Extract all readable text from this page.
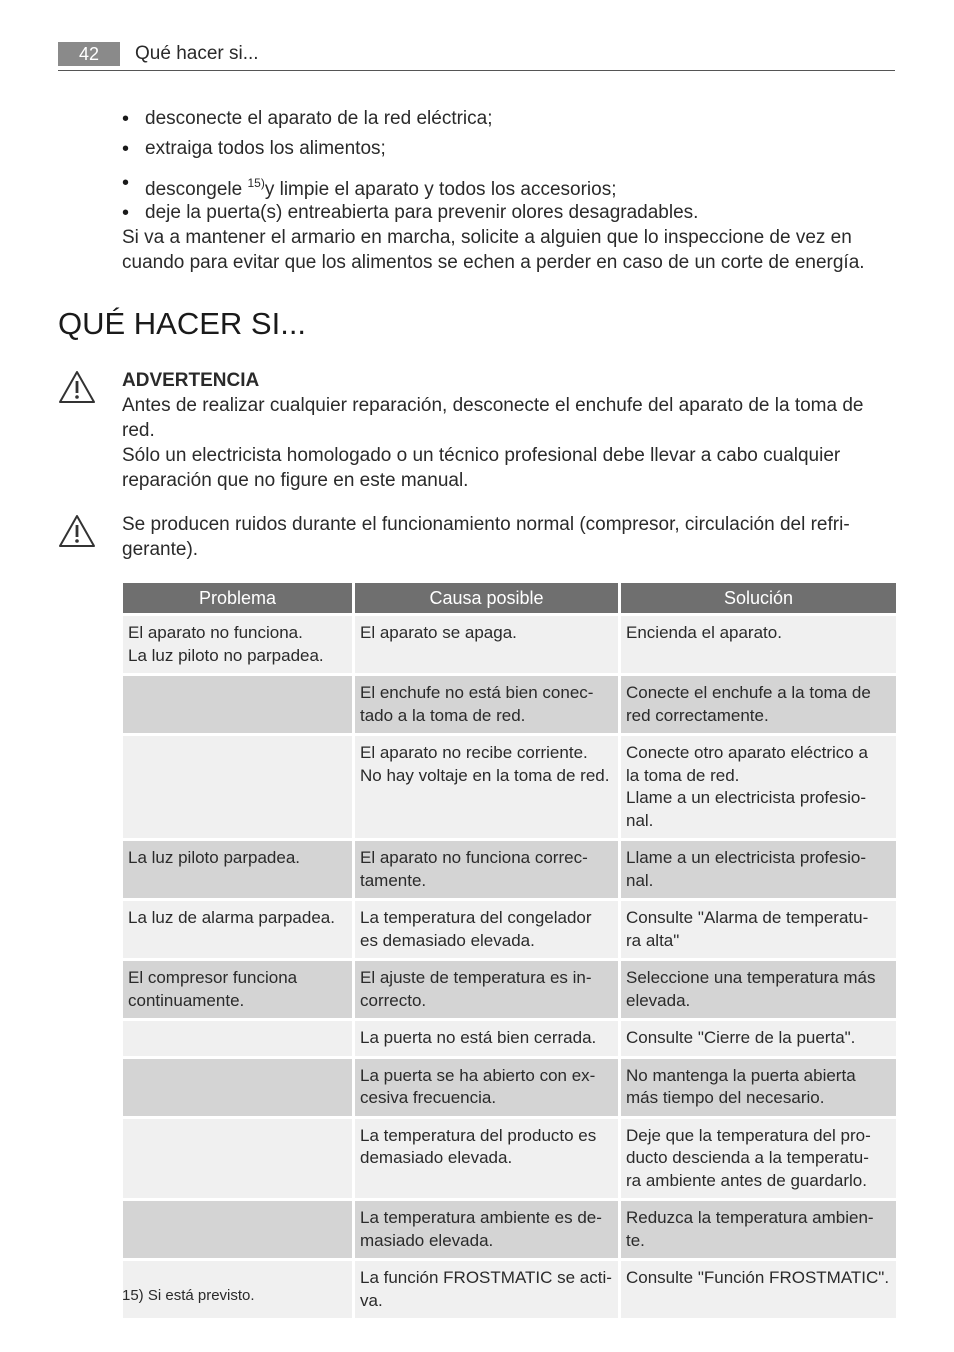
42	Qué hacer si...
• desconecte el aparato de la red eléctrica;
• extraiga todos los alimentos;
• descongele $^{15)}$y limpie el aparato y todos los accesorios;
• deje la puerta(s) entreabierta para prevenir olores desagradables.

Si va a mantener el armario en marcha, solicite a alguien que lo inspeccione de vez en
cuando para evitar que los alimentos se echen a perder en caso de un corte de energía.

QUÉ HACER SI...
ADVERTENCIA

Antes de realizar cualquier reparación, desconecte el enchufe del aparato de la toma de
red.
Sólo un electricista homologado o un técnico profesional debe llevar a cabo cualquier
reparación que no figure en este manual.

Se producen ruidos durante el funcionamiento normal (compresor, circulación del refri-
gerante).

Problema	Causa posible	Solución

El aparato no funciona.
La luz piloto no parpadea.	El aparato se apaga.	Encienda el aparato.

	El enchufe no está bien conec-
tado a la toma de red.	Conecte el enchufe a la toma de
red correctamente.

	El aparato no recibe corriente.
No hay voltaje en la toma de red.	Conecte otro aparato eléctrico a
la toma de red.
Llame a un electricista profesio-
nal.

La luz piloto parpadea.	El aparato no funciona correc-
tamente.	Llame a un electricista profesio-
nal.

La luz de alarma parpadea.	La temperatura del congelador
es demasiado elevada.	Consulte "Alarma de temperatu-
ra alta"

El compresor funciona
continuamente.	El ajuste de temperatura es in-
correcto.	Seleccione una temperatura más
elevada.

	La puerta no está bien cerrada.	Consulte "Cierre de la puerta".

	La puerta se ha abierto con ex-
cesiva frecuencia.	No mantenga la puerta abierta
más tiempo del necesario.

	La temperatura del producto es
demasiado elevada.	Deje que la temperatura del pro-
ducto descienda a la temperatu-
ra ambiente antes de guardarlo.

	La temperatura ambiente es de-
masiado elevada.	Reduzca la temperatura ambien-
te.

	La función FROSTMATIC se acti-
va.	Consulte "Función FROSTMATIC".
15) Si está previsto.
